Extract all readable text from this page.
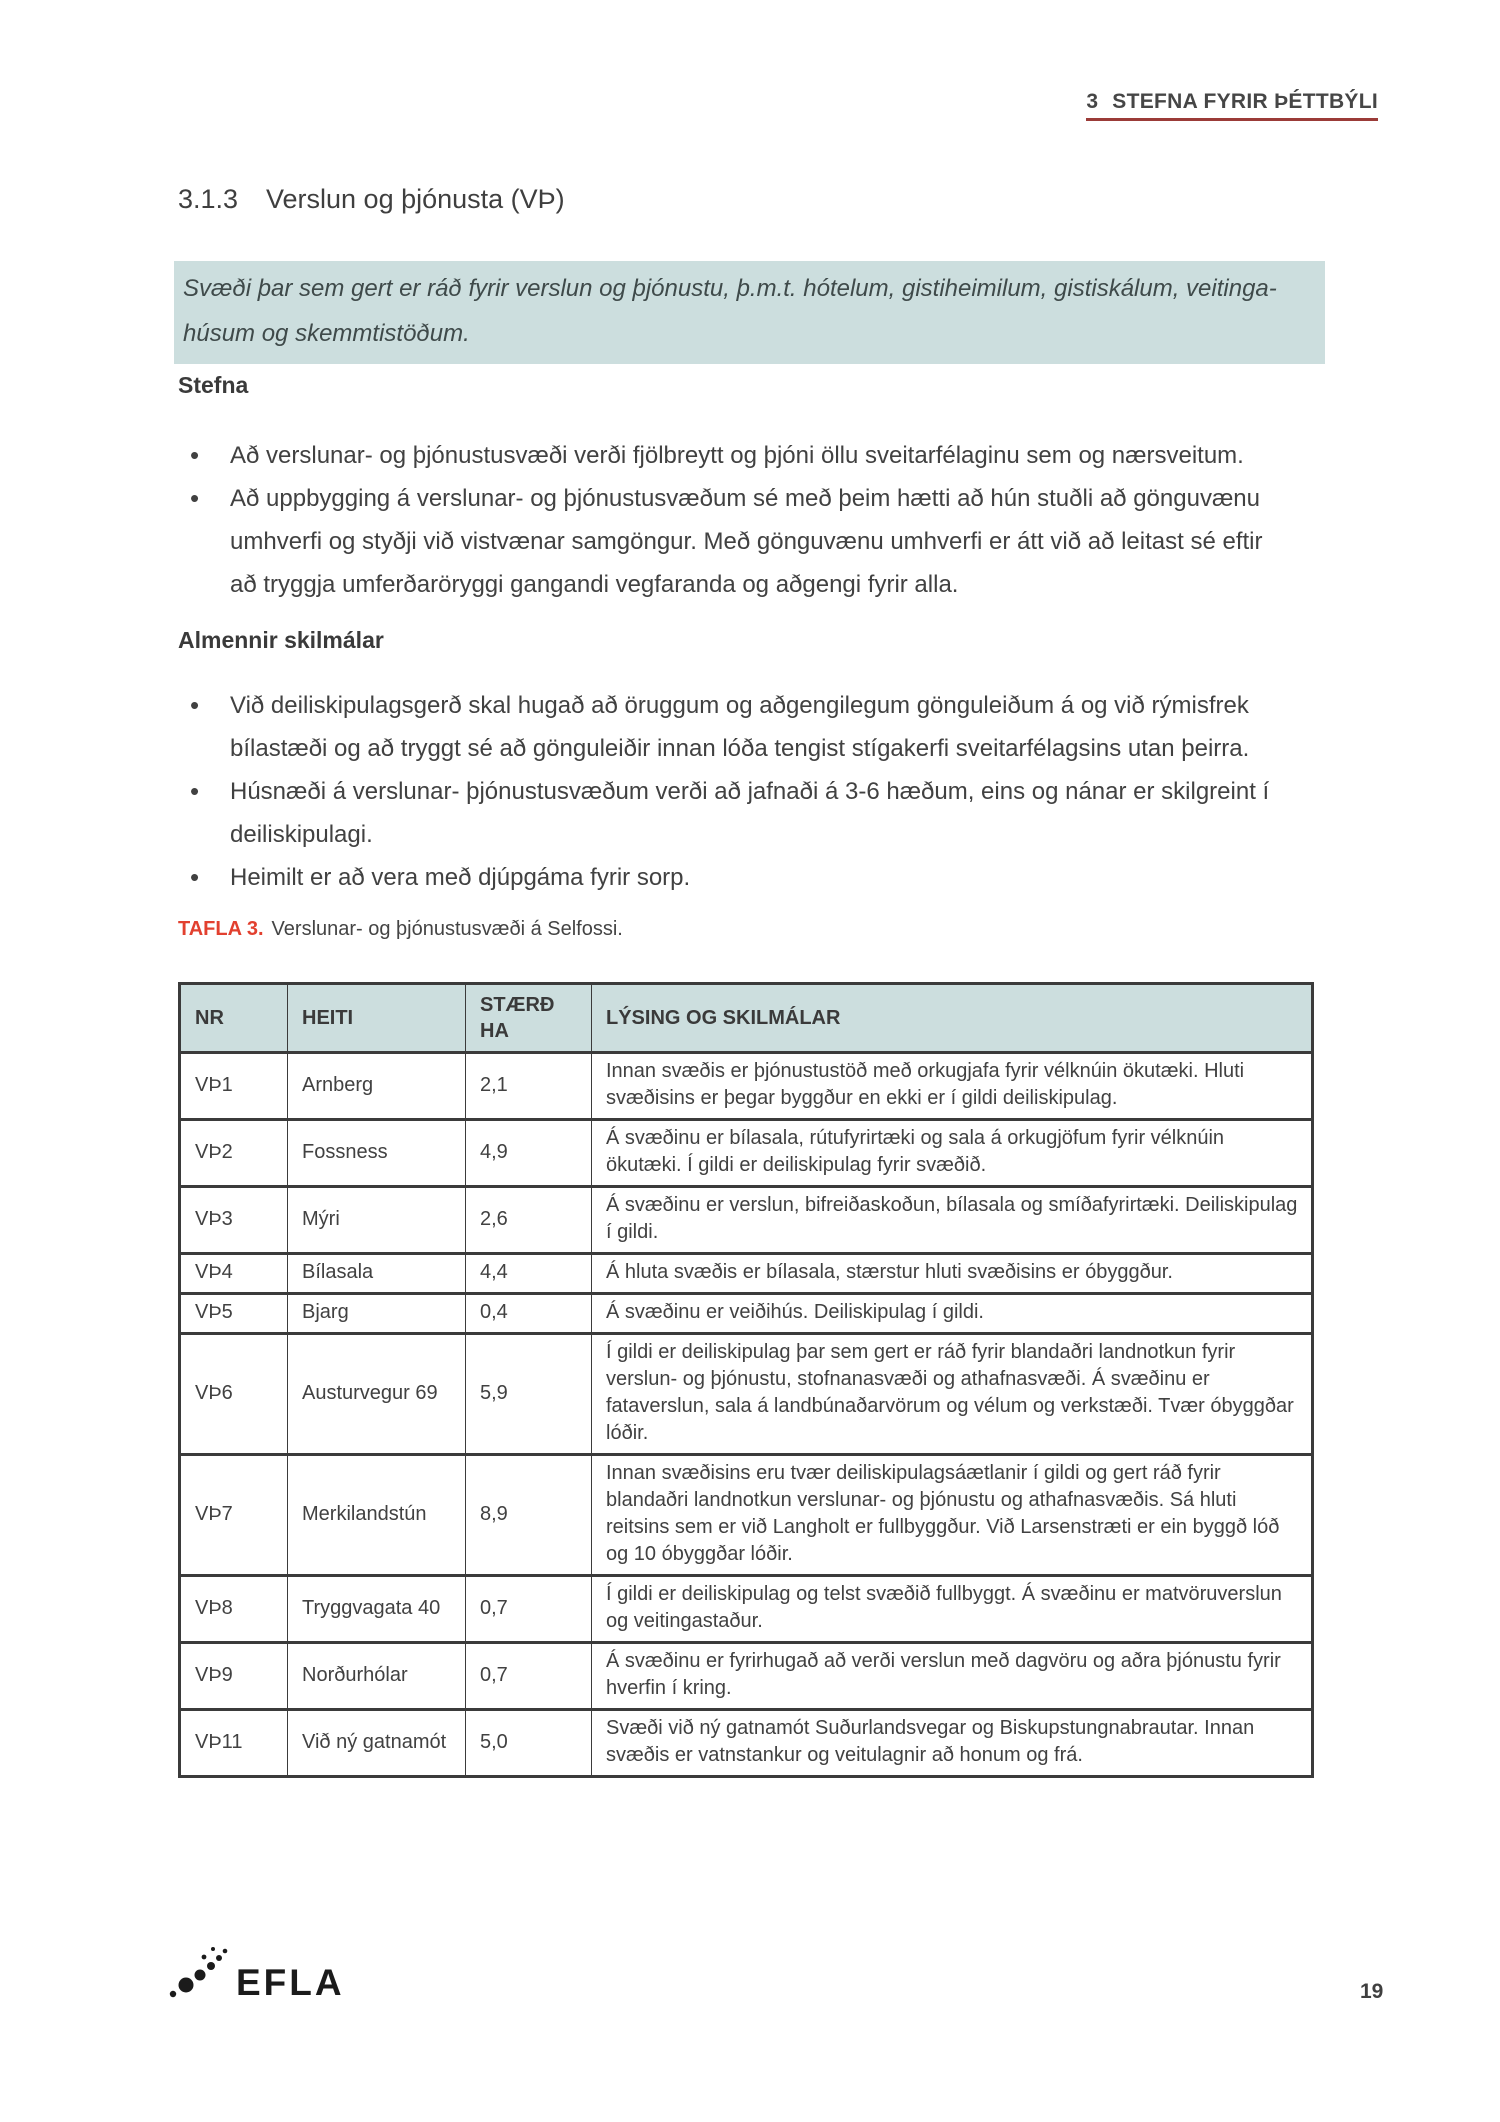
3 STEFNA FYRIR ÞÉTTBÝLI
3.1.3 Verslun og þjónusta (VÞ)
Svæði þar sem gert er ráð fyrir verslun og þjónustu, þ.m.t. hótelum, gistiheimilum, gistiskálum, veitinga-húsum og skemmtistöðum.
Stefna
• Að verslunar- og þjónustusvæði verði fjölbreytt og þjóni öllu sveitarfélaginu sem og nærsveitum.
• Að uppbygging á verslunar- og þjónustusvæðum sé með þeim hætti að hún stuðli að gönguvænu umhverfi og styðji við vistvænar samgöngur. Með gönguvænu umhverfi er átt við að leitast sé eftir að tryggja umferðaröryggi gangandi vegfaranda og aðgengi fyrir alla.
Almennir skilmálar
• Við deiliskipulagsgerð skal hugað að öruggum og aðgengilegum gönguleiðum á og við rýmisfrek bílastæði og að tryggt sé að gönguleiðir innan lóða tengist stígakerfi sveitarfélagsins utan þeirra.
• Húsnæði á verslunar- þjónustusvæðum verði að jafnaði á 3-6 hæðum, eins og nánar er skilgreint í deiliskipulagi.
• Heimilt er að vera með djúpgáma fyrir sorp.
TAFLA 3. Verslunar- og þjónustusvæði á Selfossi.
NR	HEITI	STÆRÐ HA	LÝSING OG SKILMÁLAR
VÞ1	Arnberg	2,1	Innan svæðis er þjónustustöð með orkugjafa fyrir vélknúin ökutæki. Hluti svæðisins er þegar byggður en ekki er í gildi deiliskipulag.
VÞ2	Fossness	4,9	Á svæðinu er bílasala, rútufyrirtæki og sala á orkugjöfum fyrir vélknúin ökutæki. Í gildi er deiliskipulag fyrir svæðið.
VÞ3	Mýri	2,6	Á svæðinu er verslun, bifreiðaskoðun, bílasala og smíðafyrirtæki. Deiliskipulag í gildi.
VÞ4	Bílasala	4,4	Á hluta svæðis er bílasala, stærstur hluti svæðisins er óbyggður.
VÞ5	Bjarg	0,4	Á svæðinu er veiðihús. Deiliskipulag í gildi.
VÞ6	Austurvegur 69	5,9	Í gildi er deiliskipulag þar sem gert er ráð fyrir blandaðri landnotkun fyrir verslun- og þjónustu, stofnanasvæði og athafnasvæði. Á svæðinu er fataverslun, sala á landbúnaðarvörum og vélum og verkstæði. Tvær óbyggðar lóðir.
VÞ7	Merkilandstún	8,9	Innan svæðisins eru tvær deiliskipulagsáætlanir í gildi og gert ráð fyrir blandaðri landnotkun verslunar- og þjónustu og athafnasvæðis. Sá hluti reitsins sem er við Langholt er fullbyggður. Við Larsenstræti er ein byggð lóð og 10 óbyggðar lóðir.
VÞ8	Tryggvagata 40	0,7	Í gildi er deiliskipulag og telst svæðið fullbyggt. Á svæðinu er matvöruverslun og veitingastaður.
VÞ9	Norðurhólar	0,7	Á svæðinu er fyrirhugað að verði verslun með dagvöru og aðra þjónustu fyrir hverfin í kring.
VÞ11	Við ný gatnamót	5,0	Svæði við ný gatnamót Suðurlandsvegar og Biskupstungnabrautar. Innan svæðis er vatnstankur og veitulagnir að honum og frá.
EFLA	19
